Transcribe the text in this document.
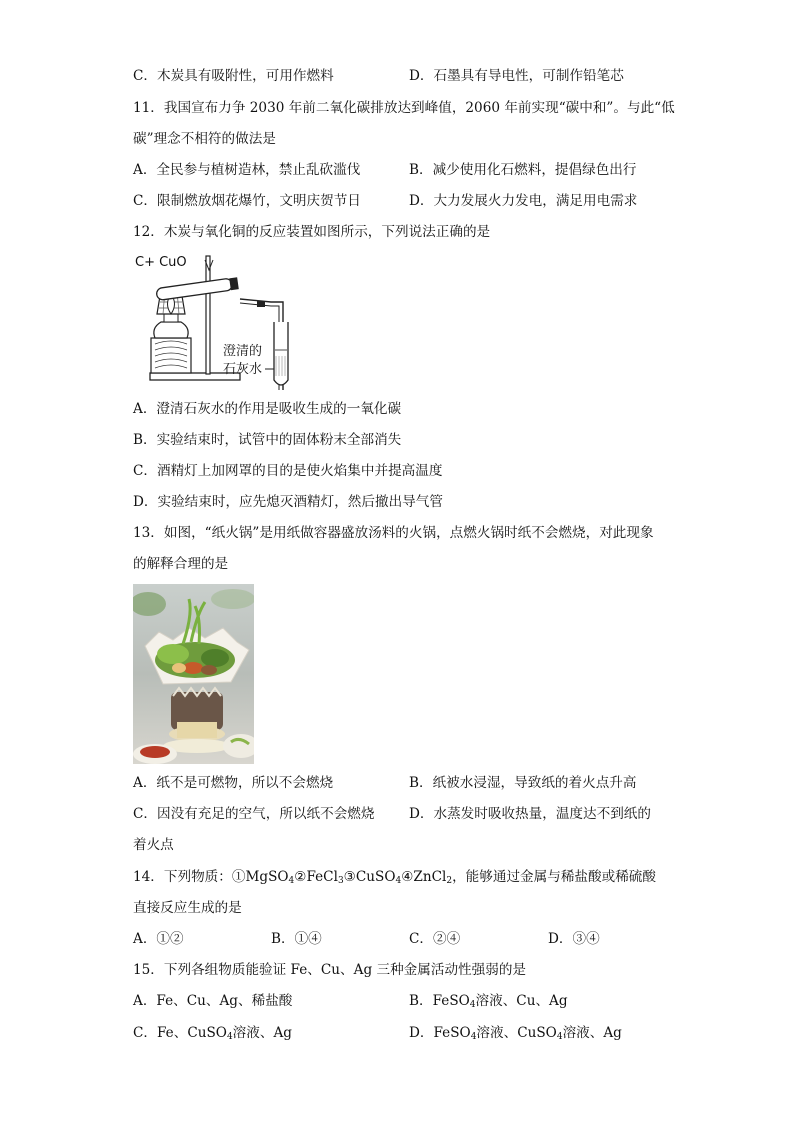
C．木炭具有吸附性，可用作燃料	D．石墨具有导电性，可制作铅笔芯
11．我国宣布力争 2030 年前二氧化碳排放达到峰值，2060 年前实现“碳中和”。与此“低
碳”理念不相符的做法是
A．全民参与植树造林，禁止乱砍滥伐	B．减少使用化石燃料，提倡绿色出行
C．限制燃放烟花爆竹，文明庆贺节日	D．大力发展火力发电，满足用电需求
12．木炭与氧化铜的反应装置如图所示，下列说法正确的是
C+ CuO
澄清的
石灰水
A．澄清石灰水的作用是吸收生成的一氧化碳
B．实验结束时，试管中的固体粉末全部消失
C．酒精灯上加网罩的目的是使火焰集中并提高温度
D．实验结束时，应先熄灭酒精灯，然后撤出导气管
13．如图，“纸火锅”是用纸做容器盛放汤料的火锅，点燃火锅时纸不会燃烧，对此现象
的解释合理的是
A．纸不是可燃物，所以不会燃烧	B．纸被水浸湿，导致纸的着火点升高
C．因没有充足的空气，所以纸不会燃烧	D．水蒸发时吸收热量，温度达不到纸的
着火点
14．下列物质：①MgSO$_4$②FeCl$_3$③CuSO$_4$④ZnCl$_2$，能够通过金属与稀盐酸或稀硫酸
直接反应生成的是
A．①②	B．①④	C．②④	D．③④
15．下列各组物质能验证 Fe、Cu、Ag 三种金属活动性强弱的是
A．Fe、Cu、Ag、稀盐酸	B．FeSO$_4$溶液、Cu、Ag
C．Fe、CuSO$_4$溶液、Ag	D．FeSO$_4$溶液、CuSO$_4$溶液、Ag
